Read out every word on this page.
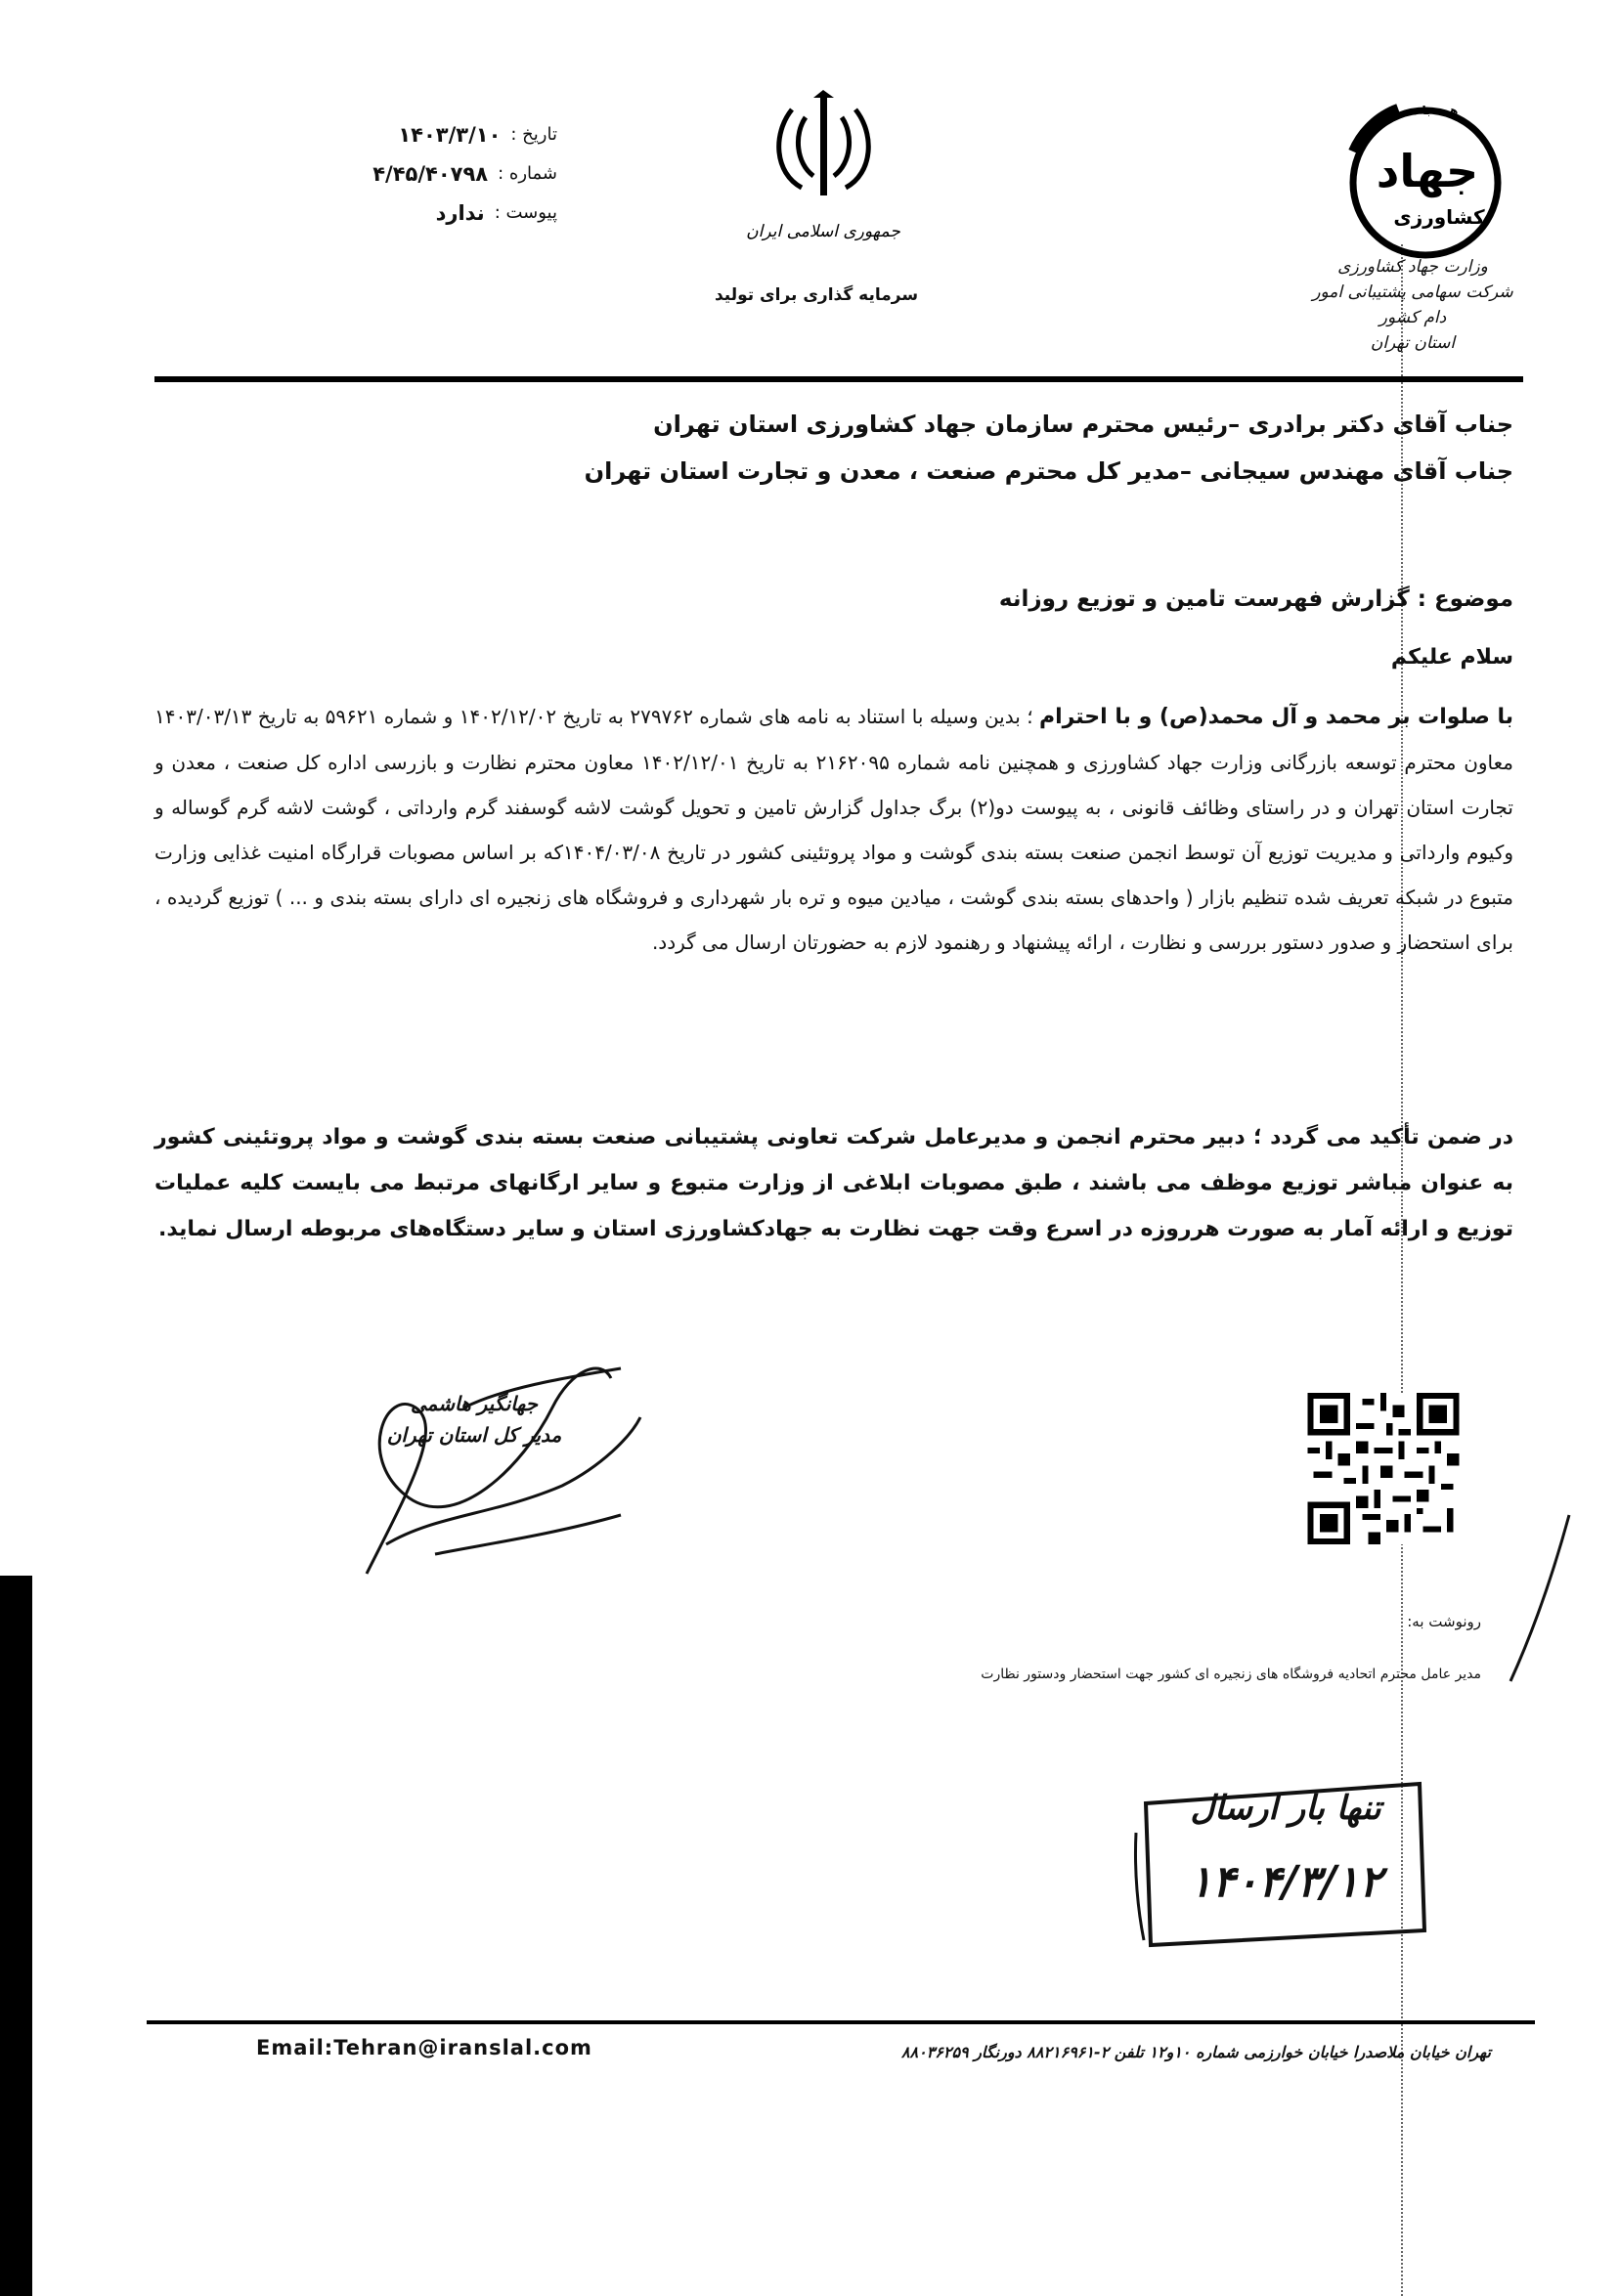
تاریخ :
۱۴۰۳/۳/۱۰
شماره :
۴/۴۵/۴۰۷۹۸
پیوست :
ندارد
جمهوری اسلامی ایران
سرمایه گذاری برای تولید
همه با هم
جهاد
کشاورزی
وزارت جهاد کشاورزی
شرکت سهامی پشتیبانی امور دام کشور
استان تهران
جناب آقای دکتر برادری –رئیس محترم سازمان جهاد کشاورزی استان تهران
جناب آقای مهندس سیجانی –مدیر کل محترم صنعت ، معدن و تجارت استان تهران
موضوع : گزارش فهرست تامین و توزیع روزانه
سلام علیکم
با صلوات بر محمد و آل محمد(ص) و با احترام ؛ بدین وسیله با استناد به نامه های شماره ۲۷۹۷۶۲ به تاریخ ۱۴۰۲/۱۲/۰۲ و شماره ۵۹۶۲۱ به تاریخ ۱۴۰۳/۰۳/۱۳ معاون محترم توسعه بازرگانی وزارت جهاد کشاورزی و همچنین نامه شماره ۲۱۶۲۰۹۵ به تاریخ ۱۴۰۲/۱۲/۰۱ معاون محترم نظارت و بازرسی اداره کل صنعت ، معدن و تجارت استان تهران و در راستای وظائف قانونی ، به پیوست دو(۲) برگ جداول گزارش تامین و تحویل گوشت لاشه گوسفند گرم وارداتی ، گوشت لاشه گرم گوساله و وکیوم وارداتی و مدیریت توزیع آن توسط انجمن صنعت بسته بندی گوشت و مواد پروتئینی کشور در تاریخ ۱۴۰۴/۰۳/۰۸که بر اساس مصوبات قرارگاه امنیت غذایی وزارت متبوع در شبکه تعریف شده تنظیم بازار ( واحدهای بسته بندی گوشت ، میادین میوه و تره بار شهرداری و فروشگاه های زنجیره ای دارای بسته بندی و ... ) توزیع گردیده ، برای استحضار و صدور دستور بررسی و نظارت ، ارائه پیشنهاد و رهنمود لازم به حضورتان ارسال می گردد.
در ضمن تأکید می گردد ؛ دبیر محترم انجمن و مدیرعامل شرکت تعاونی پشتیبانی صنعت بسته بندی گوشت و مواد پروتئینی کشور به عنوان مباشر توزیع موظف می باشند ، طبق مصوبات ابلاغی از وزارت متبوع و سایر ارگانهای مرتبط می بایست کلیه عملیات توزیع و ارائه آمار به صورت هرروزه در اسرع وقت جهت نظارت به جهادکشاورزی استان و سایر دستگاه‌های مربوطه ارسال نماید.
جهانگیر هاشمی
مدیر کل استان تهران
رونوشت به:
مدیر عامل محترم اتحادیه فروشگاه های زنجیره ای کشور جهت استحضار ودستور نظارت
تنها بار ارسال
۱۴۰۴/۳/۱۲
Email:Tehran@iranslal.com	تهران خیابان ملاصدرا خیابان خوارزمی شماره ۱۰و۱۲ تلفن ۲-۸۸۲۱۶۹۶۱ دورنگار ۸۸۰۳۶۲۵۹
